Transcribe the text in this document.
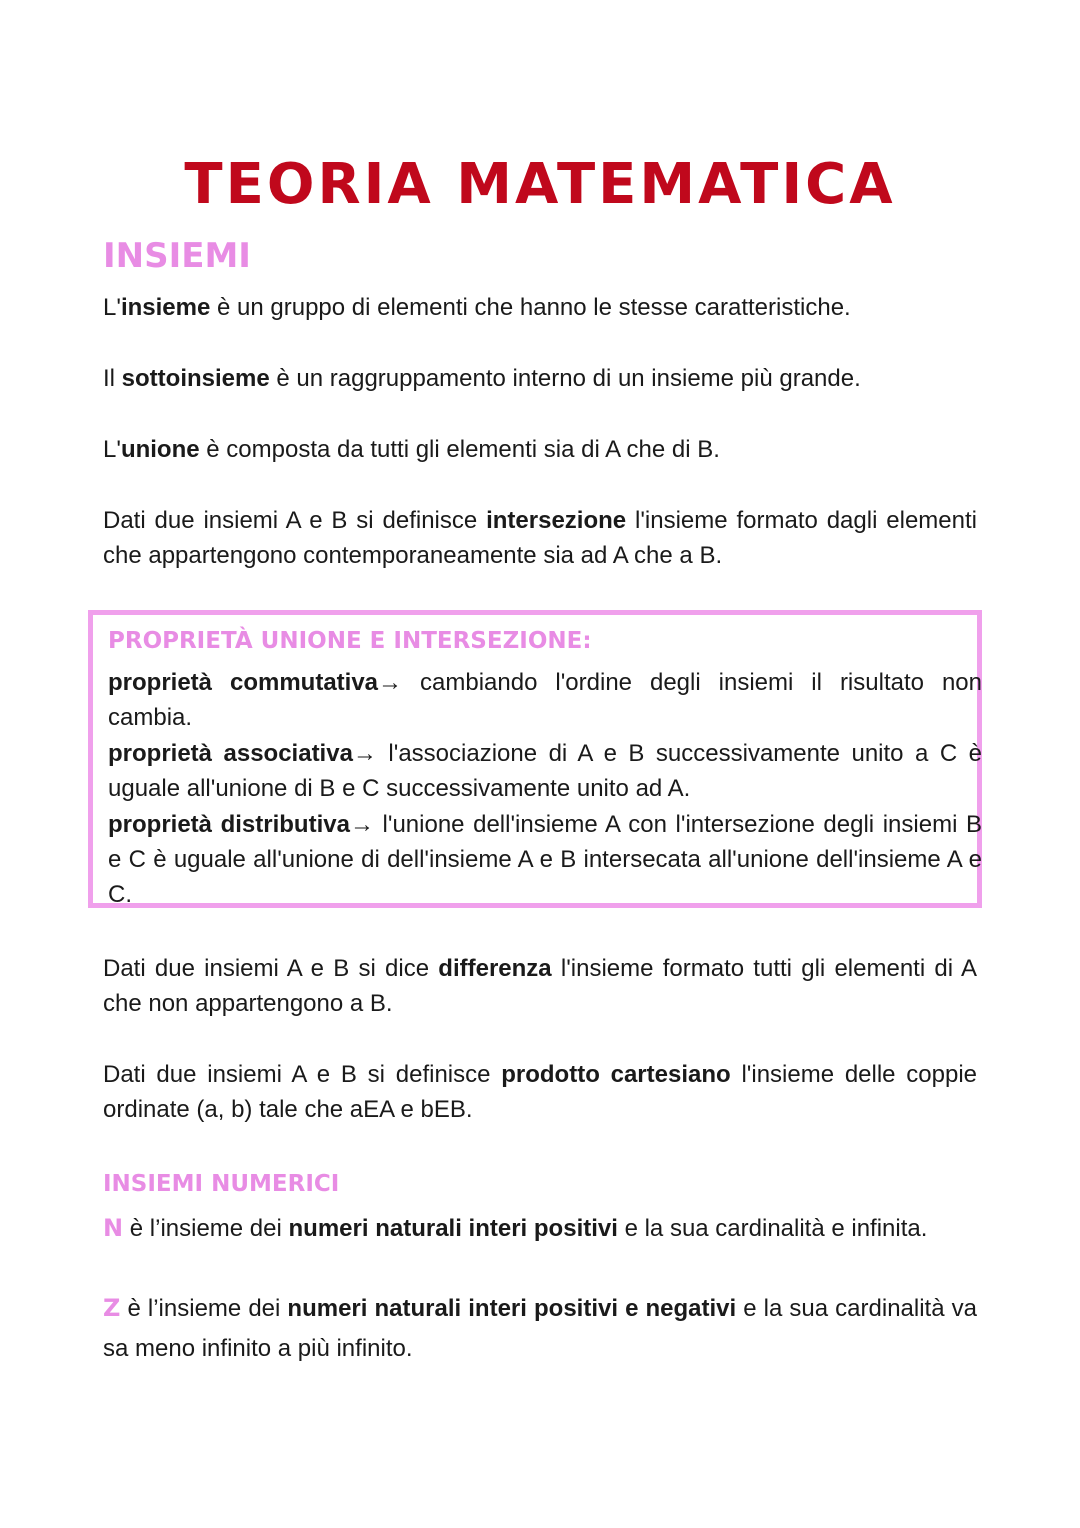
TEORIA MATEMATICA
INSIEMI

L'insieme è un gruppo di elementi che hanno le stesse caratteristiche.

Il sottoinsieme è un raggruppamento interno di un insieme più grande.

L'unione è composta da tutti gli elementi sia di A che di B.

Dati due insiemi A e B si definisce intersezione l'insieme formato dagli elementi che appartengono contemporaneamente sia ad A che a B.

Dati due insiemi A e B si dice differenza l'insieme formato tutti gli elementi di A che non appartengono a B.

Dati due insiemi A e B si definisce prodotto cartesiano l'insieme delle coppie ordinate (a, b) tale che aEA e bEB.

INSIEMI NUMERICI

N è l’insieme dei numeri naturali interi positivi e la sua cardinalità e infinita.

Z è l’insieme dei numeri naturali interi positivi e negativi e la sua cardinalità va sa meno infinito a più infinito.

PROPRIETÀ UNIONE E INTERSEZIONE:

proprietà commutativa→ cambiando l'ordine degli insiemi il risultato non cambia.

proprietà associativa→ l'associazione di A e B successivamente unito a C è uguale all'unione di B e C successivamente unito ad A.

proprietà distributiva→ l'unione dell'insieme A con l'intersezione degli insiemi B e C è uguale all'unione di dell'insieme A e B intersecata all'unione dell'insieme A e C.
